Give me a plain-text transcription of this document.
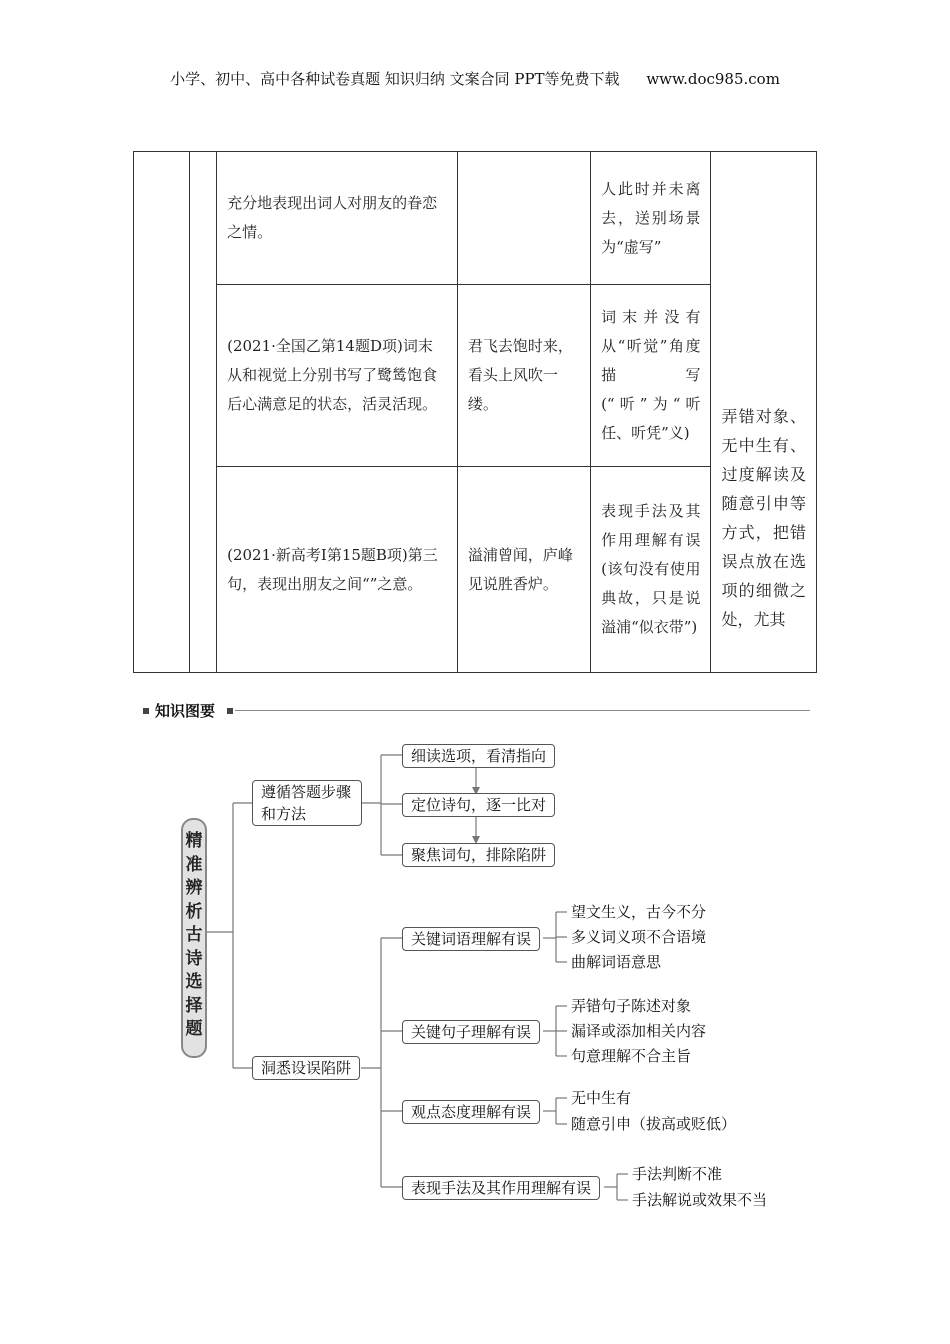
小学、初中、高中各种试卷真题 知识归纳 文案合同 PPT等免费下载 www.doc985.com
		充分地表现出词人对朋友的眷恋之情。		人此时并未离去，送别场景为“虚写”	弄错对象、无中生有、过度解读及随意引申等方式，把错误点放在选项的细微之处，尤其

		(2021·全国乙第14题D项)词末从和视觉上分别书写了鹭鸶饱食后心满意足的状态，活灵活现。	君飞去饱时来，看头上风吹一缕。	词末并没有从“听觉”角度描写(“听”为“听任、听凭”义)	
		(2021·新高考Ⅰ第15题B项)第三句，表现出朋友之间“”之意。	溢浦曾闻，庐峰见说胜香炉。	表现手法及其作用理解有误(该句没有使用典故，只是说溢浦“似衣带”)	
知识图要
精准辨析古诗选择题
遵循答题步骤和方法
细读选项，看清指向
定位诗句，逐一比对
聚焦词句，排除陷阱
洞悉设误陷阱
关键词语理解有误
望文生义，古今不分
多义词义项不合语境
曲解词语意思
关键句子理解有误
弄错句子陈述对象
漏译或添加相关内容
句意理解不合主旨
观点态度理解有误
无中生有
随意引申（拔高或贬低）
表现手法及其作用理解有误
手法判断不准
手法解说或效果不当
